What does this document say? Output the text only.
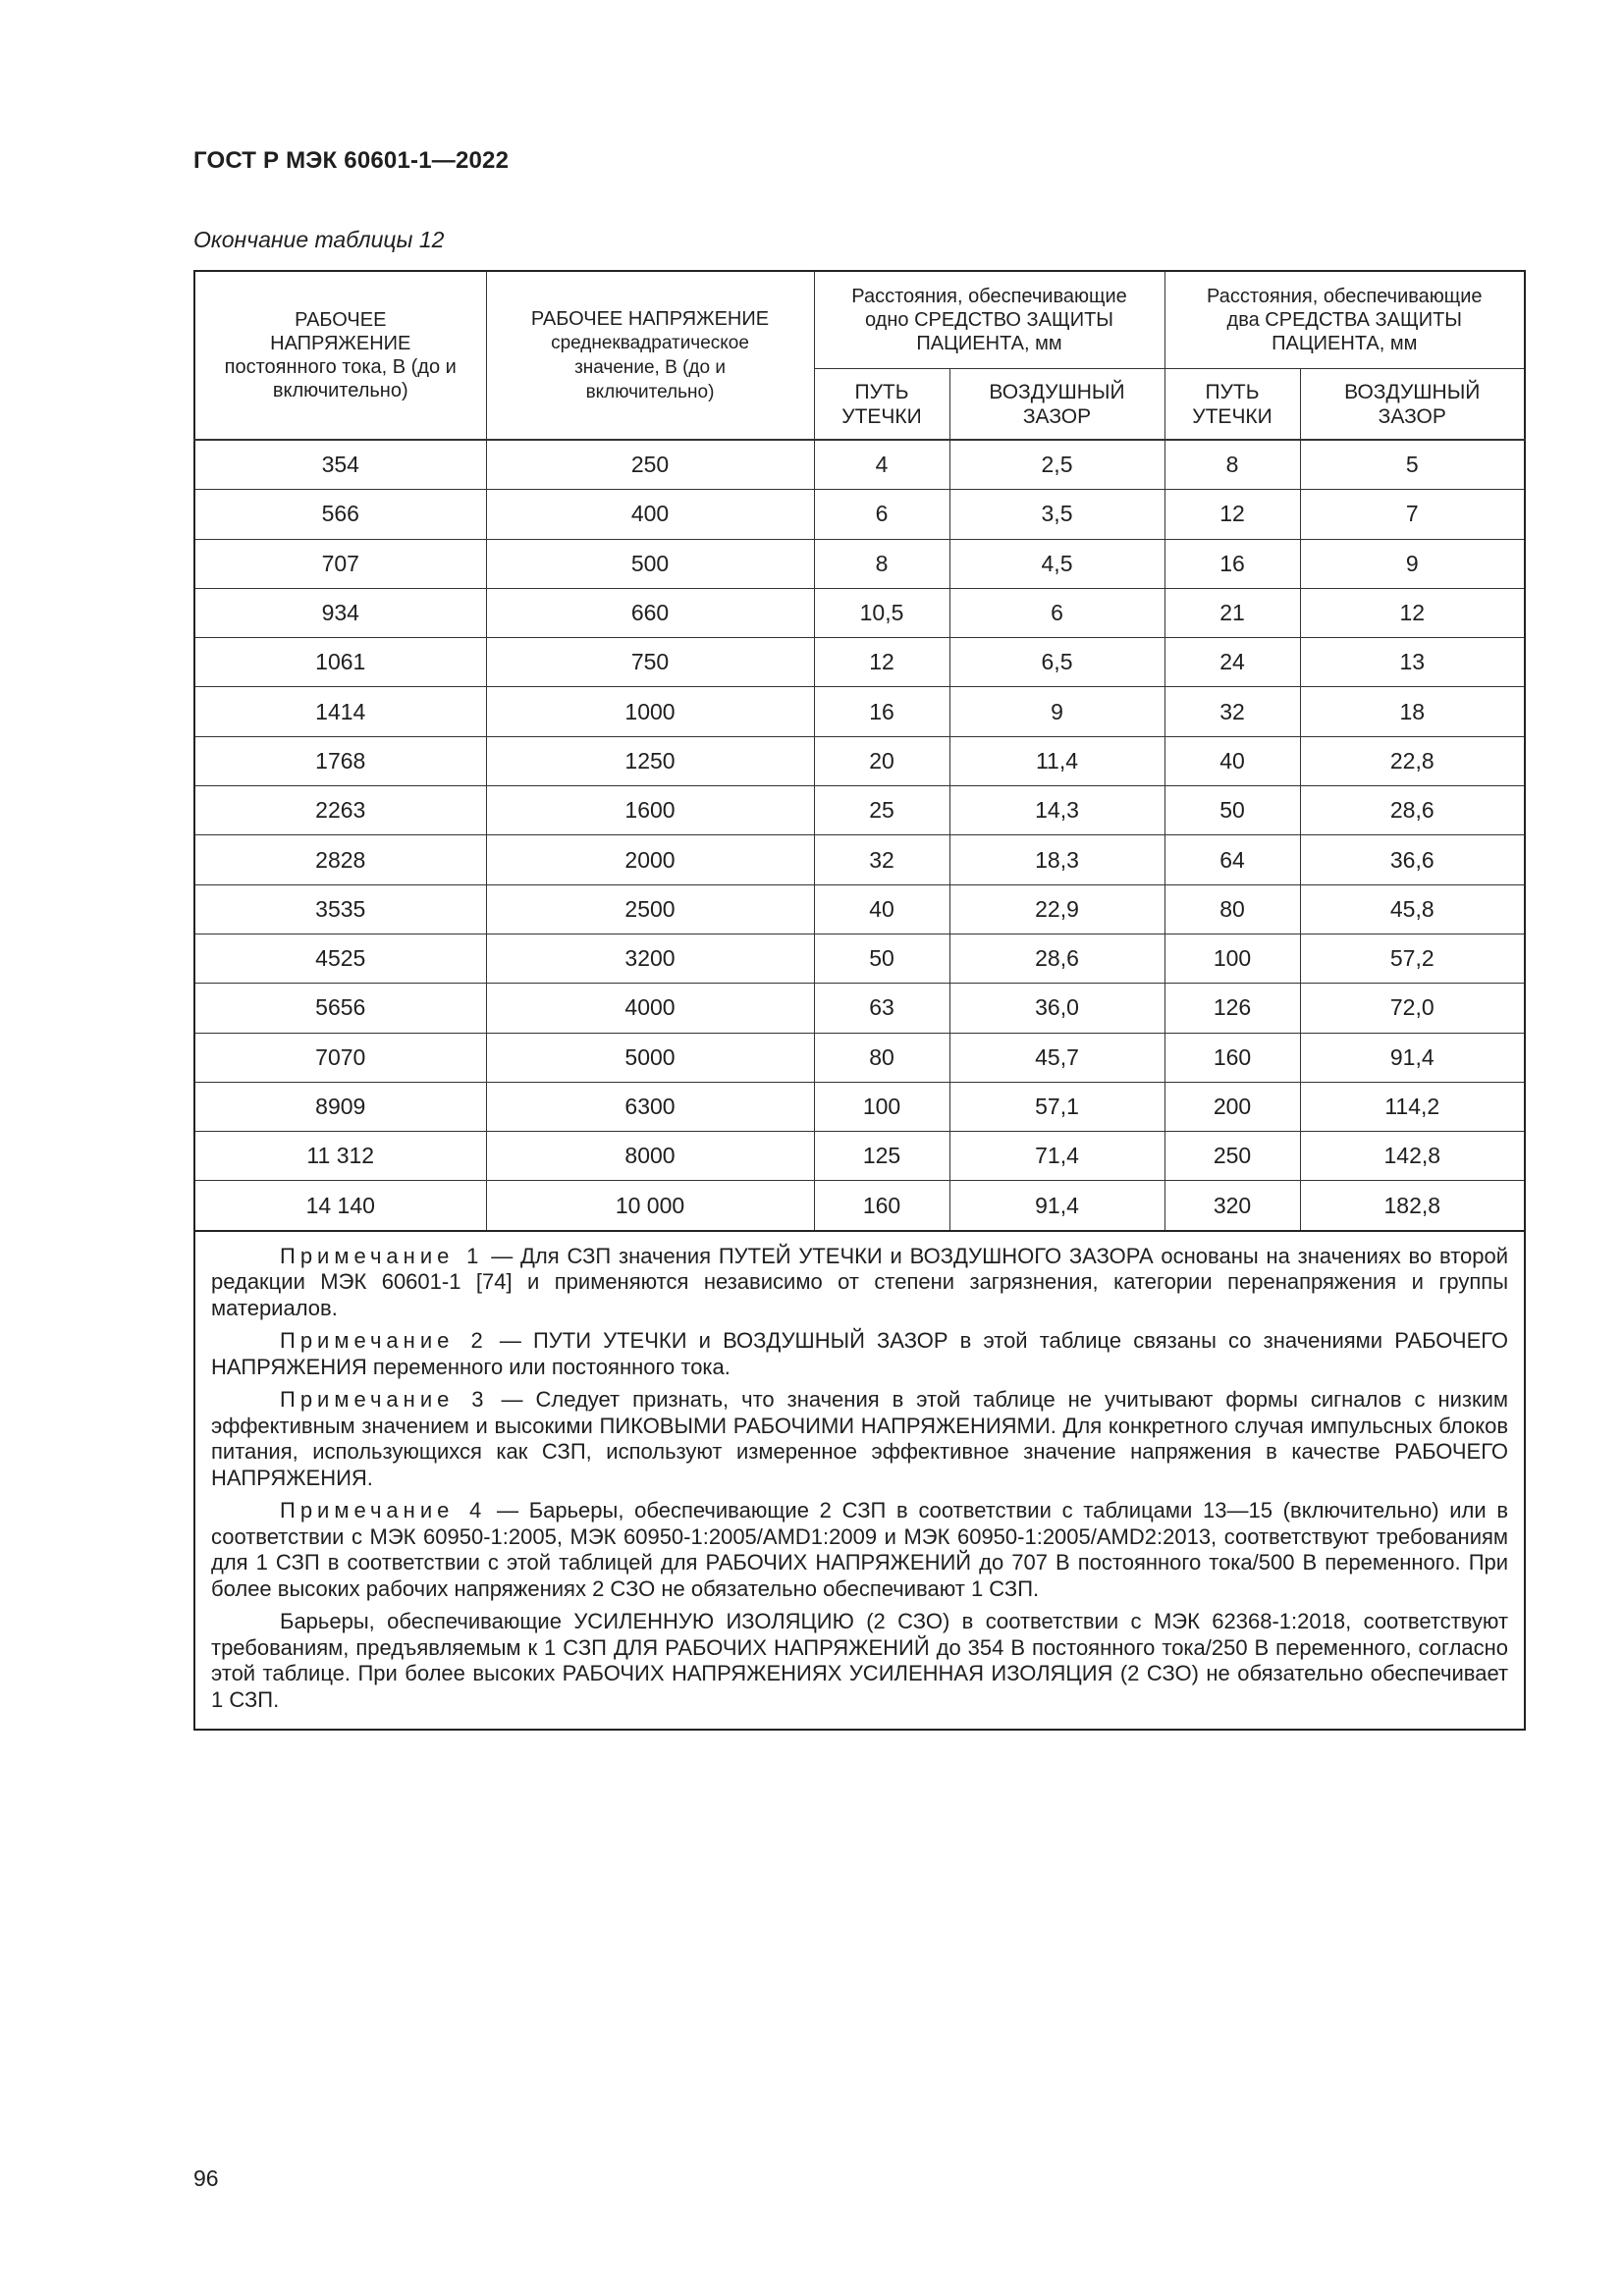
ГОСТ Р МЭК 60601-1—2022

Окончание таблицы 12

РАБОЧЕЕ
НАПРЯЖЕНИЕ
постоянного тока, В (до и
включительно)	РАБОЧЕЕ НАПРЯЖЕНИЕ
среднеквадратическое
значение, В (до и
включительно)	Расстояния, обеспечивающие
одно СРЕДСТВО ЗАЩИТЫ
ПАЦИЕНТА, мм		Расстояния, обеспечивающие
два СРЕДСТВА ЗАЩИТЫ
ПАЦИЕНТА, мм	
		ПУТЬ
УТЕЧКИ	ВОЗДУШНЫЙ
ЗАЗОР	ПУТЬ
УТЕЧКИ	ВОЗДУШНЫЙ
ЗАЗОР
354	250	4	2,5	8	5
566	400	6	3,5	12	7
707	500	8	4,5	16	9
934	660	10,5	6	21	12
1061	750	12	6,5	24	13
1414	1000	16	9	32	18
1768	1250	20	11,4	40	22,8
2263	1600	25	14,3	50	28,6
2828	2000	32	18,3	64	36,6
3535	2500	40	22,9	80	45,8
4525	3200	50	28,6	100	57,2
5656	4000	63	36,0	126	72,0
7070	5000	80	45,7	160	91,4
8909	6300	100	57,1	200	114,2
11 312	8000	125	71,4	250	142,8
14 140	10 000	160	91,4	320	182,8

Примечание 1 — Для СЗП значения ПУТЕЙ УТЕЧКИ и ВОЗДУШНОГО ЗАЗОРА основаны на значениях во второй редакции МЭК 60601-1 [74] и применяются независимо от степени загрязнения, категории перенапряжения и группы материалов.

Примечание 2 — ПУТИ УТЕЧКИ и ВОЗДУШНЫЙ ЗАЗОР в этой таблице связаны со значениями РАБОЧЕГО НАПРЯЖЕНИЯ переменного или постоянного тока.

Примечание 3 — Следует признать, что значения в этой таблице не учитывают формы сигналов с низким эффективным значением и высокими ПИКОВЫМИ РАБОЧИМИ НАПРЯЖЕНИЯМИ. Для конкретного случая импульсных блоков питания, использующихся как СЗП, используют измеренное эффективное значение напряжения в качестве РАБОЧЕГО НАПРЯЖЕНИЯ.

Примечание 4 — Барьеры, обеспечивающие 2 СЗП в соответствии с таблицами 13—15 (включительно) или в соответствии с МЭК 60950-1:2005, МЭК 60950-1:2005/AMD1:2009 и МЭК 60950-1:2005/AMD2:2013, соответствуют требованиям для 1 СЗП в соответствии с этой таблицей для РАБОЧИХ НАПРЯЖЕНИЙ до 707 В постоянного тока/500 В переменного. При более высоких рабочих напряжениях 2 СЗО не обязательно обеспечивают 1 СЗП.

Барьеры, обеспечивающие УСИЛЕННУЮ ИЗОЛЯЦИЮ (2 СЗО) в соответствии с МЭК 62368-1:2018, соответствуют требованиям, предъявляемым к 1 СЗП ДЛЯ РАБОЧИХ НАПРЯЖЕНИЙ до 354 В постоянного тока/250 В переменного, согласно этой таблице. При более высоких РАБОЧИХ НАПРЯЖЕНИЯХ УСИЛЕННАЯ ИЗОЛЯЦИЯ (2 СЗО) не обязательно обеспечивает 1 СЗП.					

96
